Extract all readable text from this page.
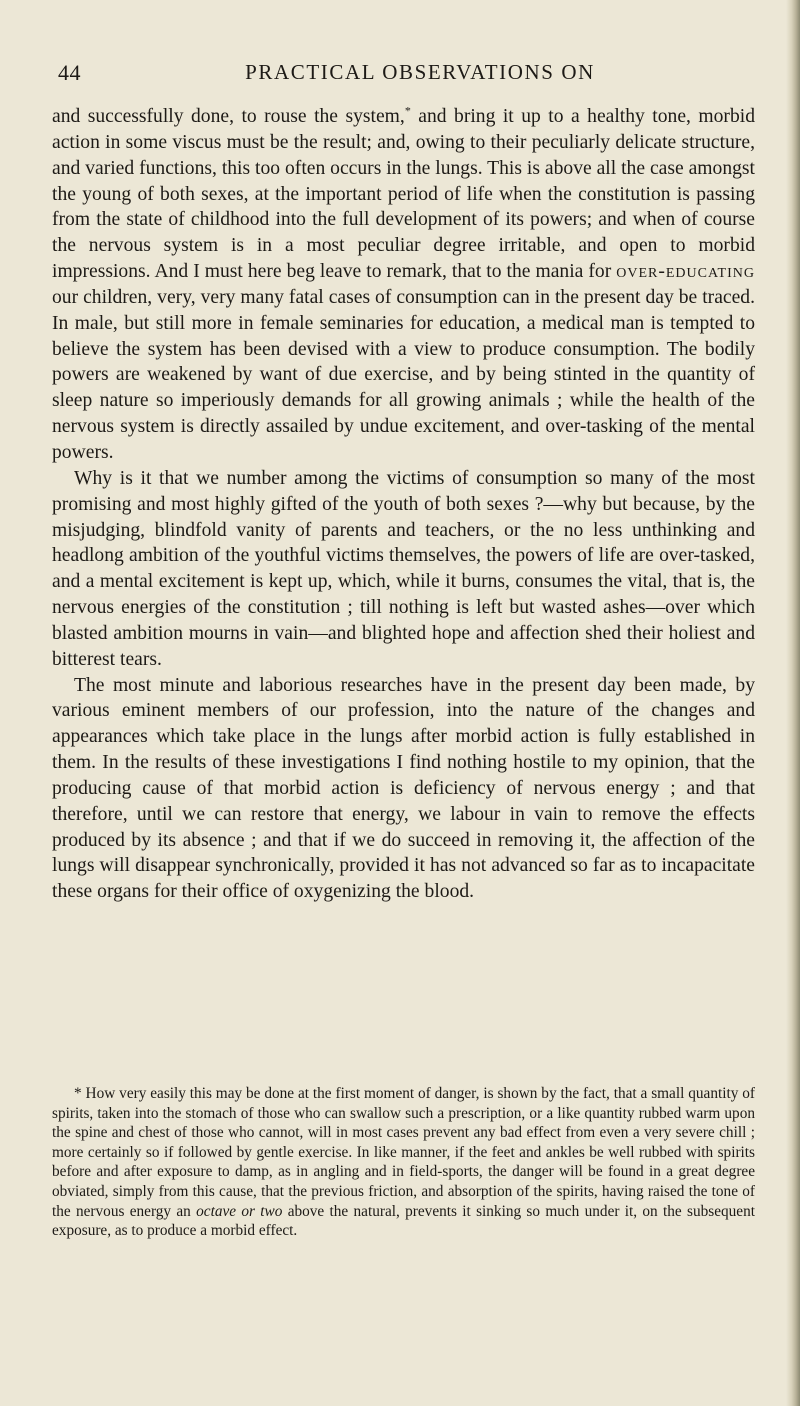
44	PRACTICAL OBSERVATIONS ON

and successfully done, to rouse the system,* and bring it up to a healthy tone, morbid action in some viscus must be the result; and, owing to their peculiarly delicate structure, and varied functions, this too often occurs in the lungs. This is above all the case amongst the young of both sexes, at the important period of life when the constitution is passing from the state of childhood into the full development of its powers; and when of course the nervous system is in a most peculiar degree irritable, and open to morbid impressions. And I must here beg leave to remark, that to the mania for over-educating our children, very, very many fatal cases of consumption can in the present day be traced. In male, but still more in female seminaries for education, a medical man is tempted to believe the system has been devised with a view to produce consumption. The bodily powers are weakened by want of due exercise, and by being stinted in the quantity of sleep nature so imperiously demands for all growing animals ; while the health of the nervous system is directly assailed by undue excitement, and over-tasking of the mental powers.

Why is it that we number among the victims of consumption so many of the most promising and most highly gifted of the youth of both sexes ?—why but because, by the misjudging, blindfold vanity of parents and teachers, or the no less unthinking and headlong ambition of the youthful victims themselves, the powers of life are over-tasked, and a mental excitement is kept up, which, while it burns, consumes the vital, that is, the nervous energies of the constitution ; till nothing is left but wasted ashes—over which blasted ambition mourns in vain—and blighted hope and affection shed their holiest and bitterest tears.

The most minute and laborious researches have in the present day been made, by various eminent members of our profession, into the nature of the changes and appearances which take place in the lungs after morbid action is fully established in them. In the results of these investigations I find nothing hostile to my opinion, that the producing cause of that morbid action is deficiency of nervous energy ; and that therefore, until we can restore that energy, we labour in vain to remove the effects produced by its absence ; and that if we do succeed in removing it, the affection of the lungs will disappear synchronically, provided it has not advanced so far as to incapacitate these organs for their office of oxygenizing the blood.

* How very easily this may be done at the first moment of danger, is shown by the fact, that a small quantity of spirits, taken into the stomach of those who can swallow such a prescription, or a like quantity rubbed warm upon the spine and chest of those who cannot, will in most cases prevent any bad effect from even a very severe chill ; more certainly so if followed by gentle exercise. In like manner, if the feet and ankles be well rubbed with spirits before and after exposure to damp, as in angling and in field-sports, the danger will be found in a great degree obviated, simply from this cause, that the previous friction, and absorption of the spirits, having raised the tone of the nervous energy an octave or two above the natural, prevents it sinking so much under it, on the subsequent exposure, as to produce a morbid effect.
